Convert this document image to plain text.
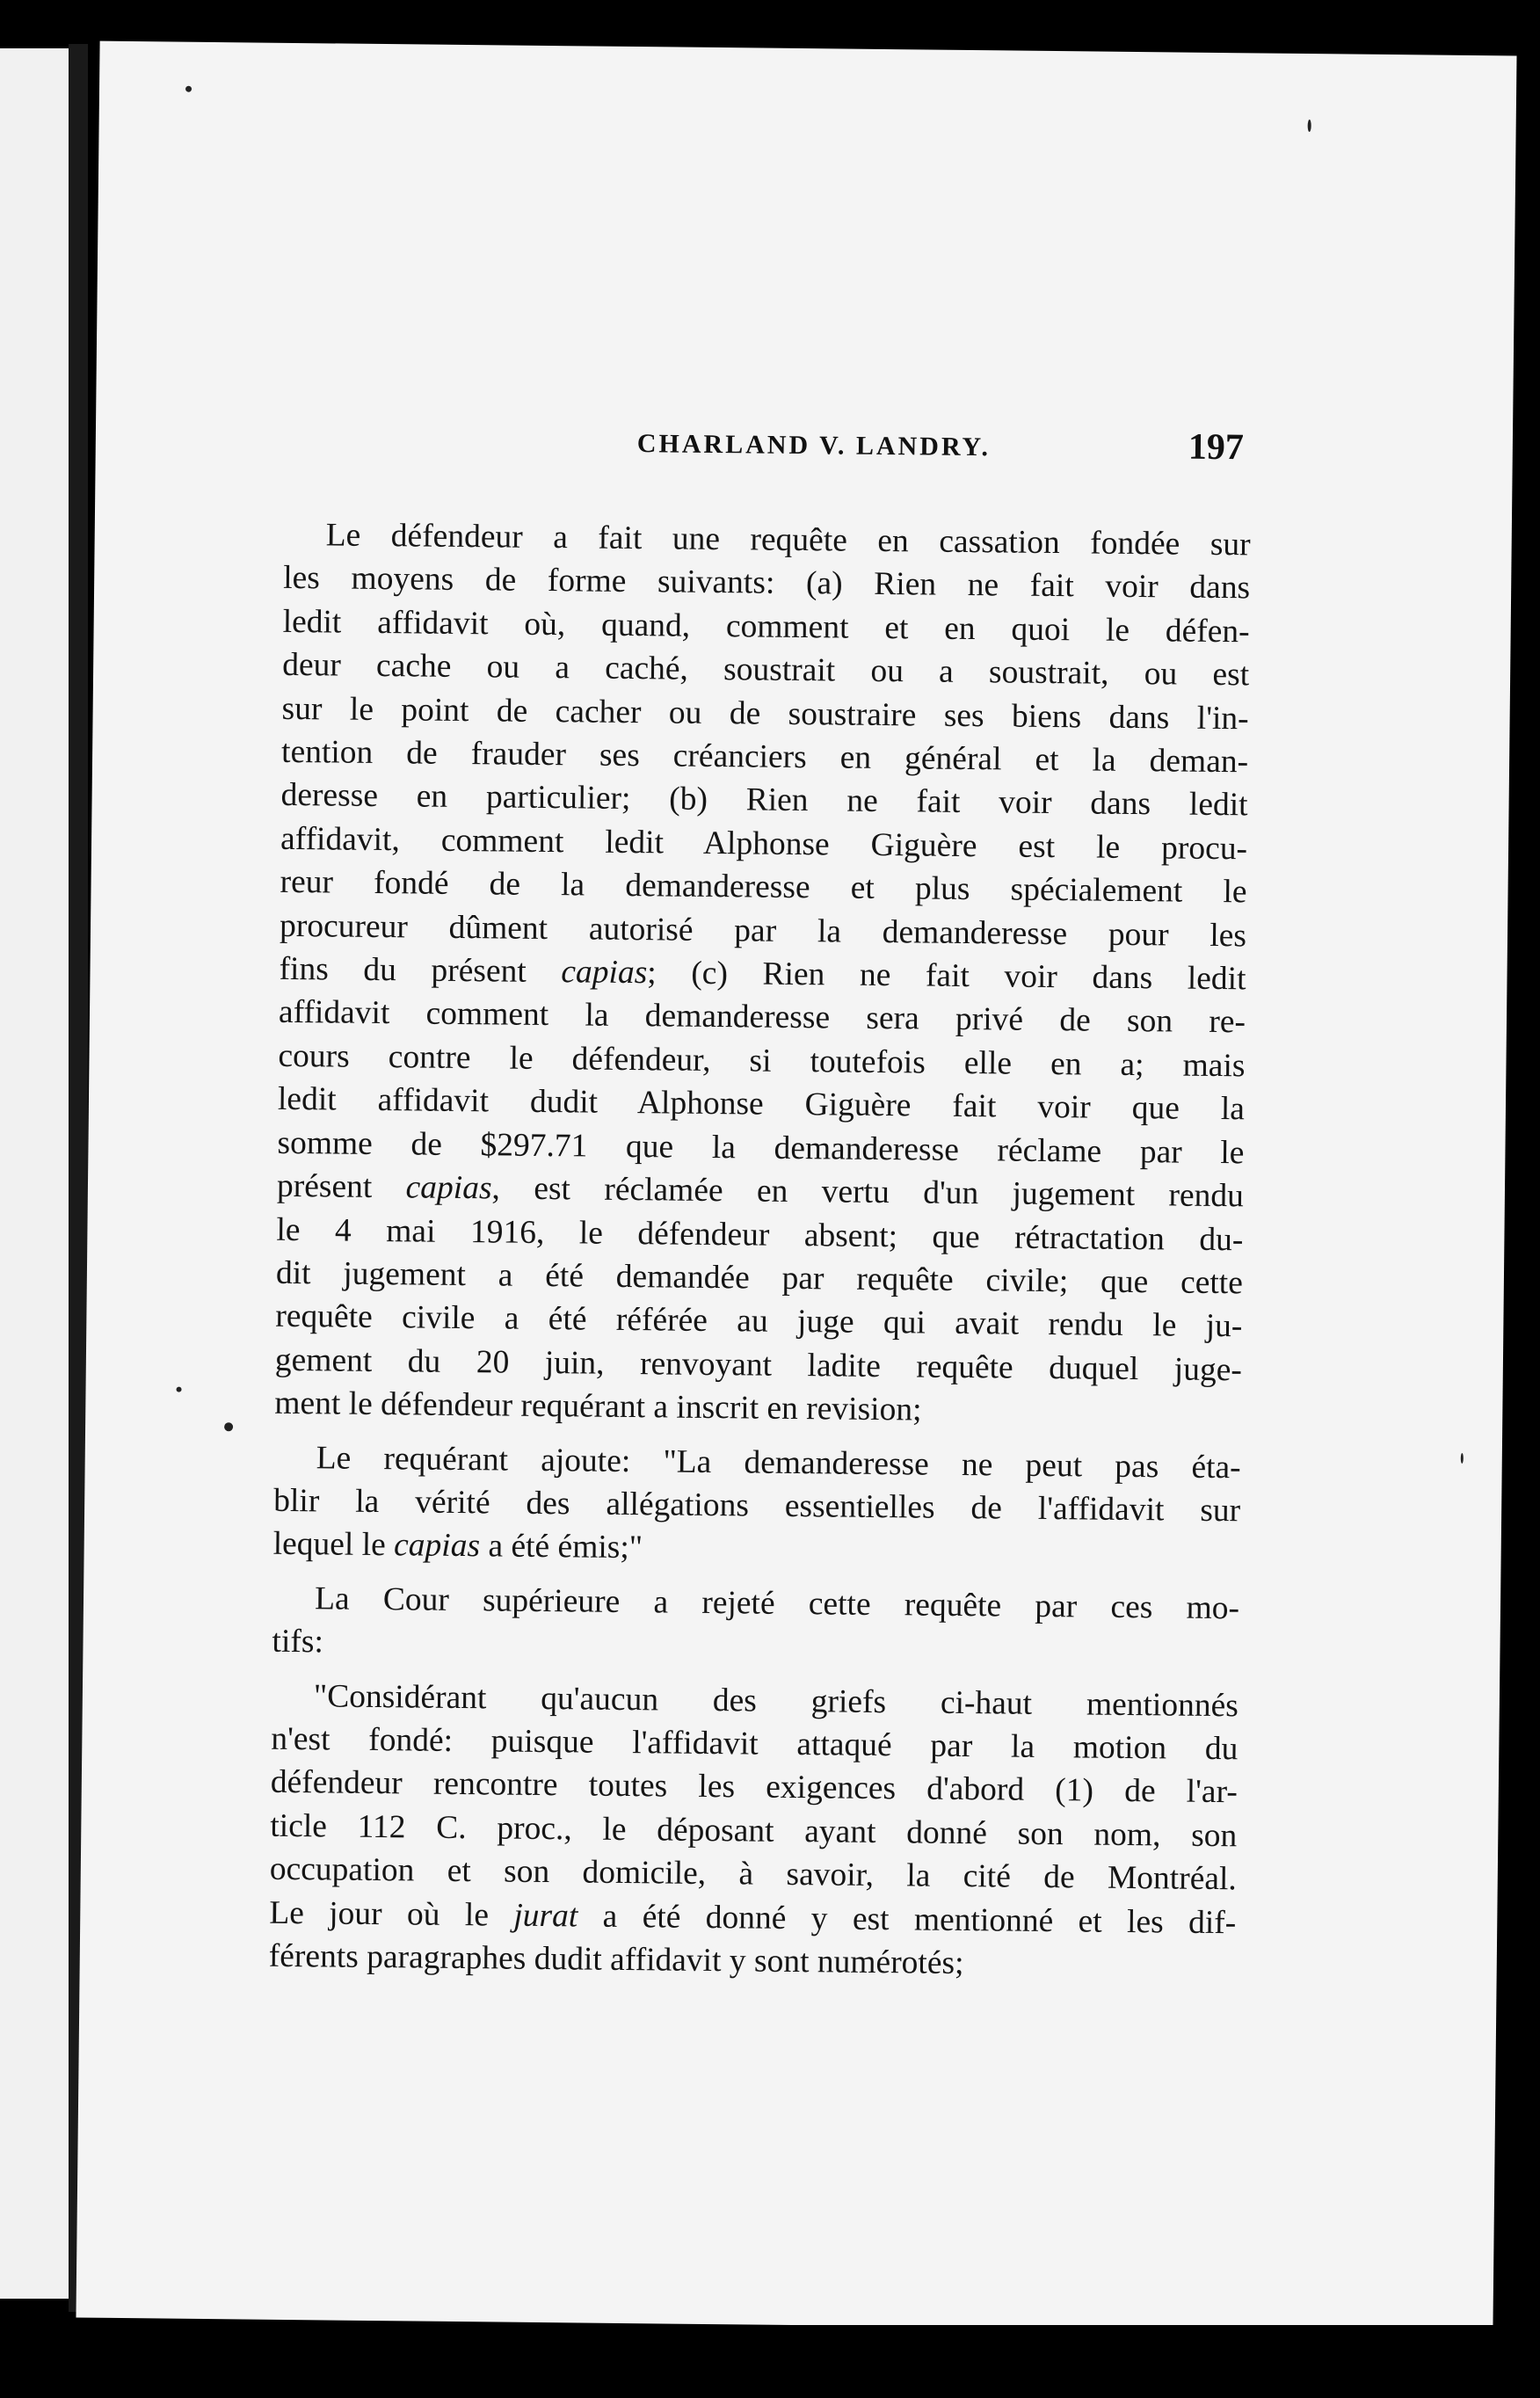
CHARLAND V. LANDRY.	197

Le défendeur a fait une requête en cassation fondée sur
les moyens de forme suivants: (a) Rien ne fait voir dans
ledit affidavit où, quand, comment et en quoi le défen-
deur cache ou a caché, soustrait ou a soustrait, ou est
sur le point de cacher ou de soustraire ses biens dans l'in-
tention de frauder ses créanciers en général et la deman-
deresse en particulier; (b) Rien ne fait voir dans ledit
affidavit, comment ledit Alphonse Giguère est le procu-
reur fondé de la demanderesse et plus spécialement le
procureur dûment autorisé par la demanderesse pour les
fins du présent capias; (c) Rien ne fait voir dans ledit
affidavit comment la demanderesse sera privé de son re-
cours contre le défendeur, si toutefois elle en a; mais
ledit affidavit dudit Alphonse Giguère fait voir que la
somme de $297.71 que la demanderesse réclame par le
présent capias, est réclamée en vertu d'un jugement rendu
le 4 mai 1916, le défendeur absent; que rétractation du-
dit jugement a été demandée par requête civile; que cette
requête civile a été référée au juge qui avait rendu le ju-
gement du 20 juin, renvoyant ladite requête duquel juge-
ment le défendeur requérant a inscrit en revision;

Le requérant ajoute: "La demanderesse ne peut pas éta-
blir la vérité des allégations essentielles de l'affidavit sur
lequel le capias a été émis;"

La Cour supérieure a rejeté cette requête par ces mo-
tifs:

"Considérant qu'aucun des griefs ci-haut mentionnés
n'est fondé: puisque l'affidavit attaqué par la motion du
défendeur rencontre toutes les exigences d'abord (1) de l'ar-
ticle 112 C. proc., le déposant ayant donné son nom, son
occupation et son domicile, à savoir, la cité de Montréal.
Le jour où le jurat a été donné y est mentionné et les dif-
férents paragraphes dudit affidavit y sont numérotés;
